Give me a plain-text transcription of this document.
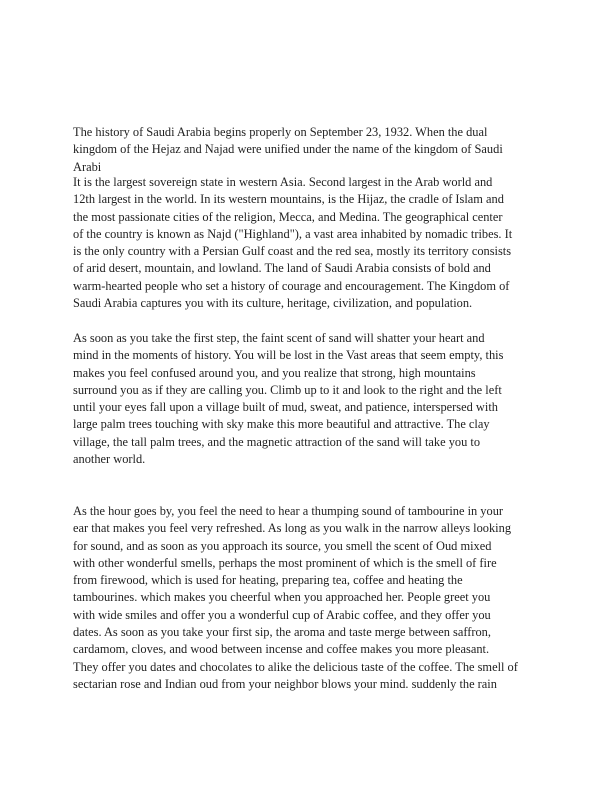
The history of Saudi Arabia begins properly on September 23, 1932. When the dual
kingdom of the Hejaz and Najad were unified under the name of the kingdom of Saudi
Arabi
It is the largest sovereign state in western Asia. Second largest in the Arab world and
12th largest in the world. In its western mountains, is the Hijaz, the cradle of Islam and
the most passionate cities of the religion, Mecca, and Medina. The geographical center
of the country is known as Najd ("Highland"), a vast area inhabited by nomadic tribes. It
is the only country with a Persian Gulf coast and the red sea, mostly its territory consists
of arid desert, mountain, and lowland. The land of Saudi Arabia consists of bold and
warm-hearted people who set a history of courage and encouragement. The Kingdom of
Saudi Arabia captures you with its culture, heritage, civilization, and population.
As soon as you take the first step, the faint scent of sand will shatter your heart and
mind in the moments of history. You will be lost in the Vast areas that seem empty, this
makes you feel confused around you, and you realize that strong, high mountains
surround you as if they are calling you. Climb up to it and look to the right and the left
until your eyes fall upon a village built of mud, sweat, and patience, interspersed with
large palm trees touching with sky make this more beautiful and attractive. The clay
village, the tall palm trees, and the magnetic attraction of the sand will take you to
another world.
As the hour goes by, you feel the need to hear a thumping sound of tambourine in your
ear that makes you feel very refreshed. As long as you walk in the narrow alleys looking
for sound, and as soon as you approach its source, you smell the scent of Oud mixed
with other wonderful smells, perhaps the most prominent of which is the smell of fire
from firewood, which is used for heating, preparing tea, coffee and heating the
tambourines. which makes you cheerful when you approached her. People greet you
with wide smiles and offer you a wonderful cup of Arabic coffee, and they offer you
dates. As soon as you take your first sip, the aroma and taste merge between saffron,
cardamom, cloves, and wood between incense and coffee makes you more pleasant.
They offer you dates and chocolates to alike the delicious taste of the coffee. The smell of
sectarian rose and Indian oud from your neighbor blows your mind. suddenly the rain
